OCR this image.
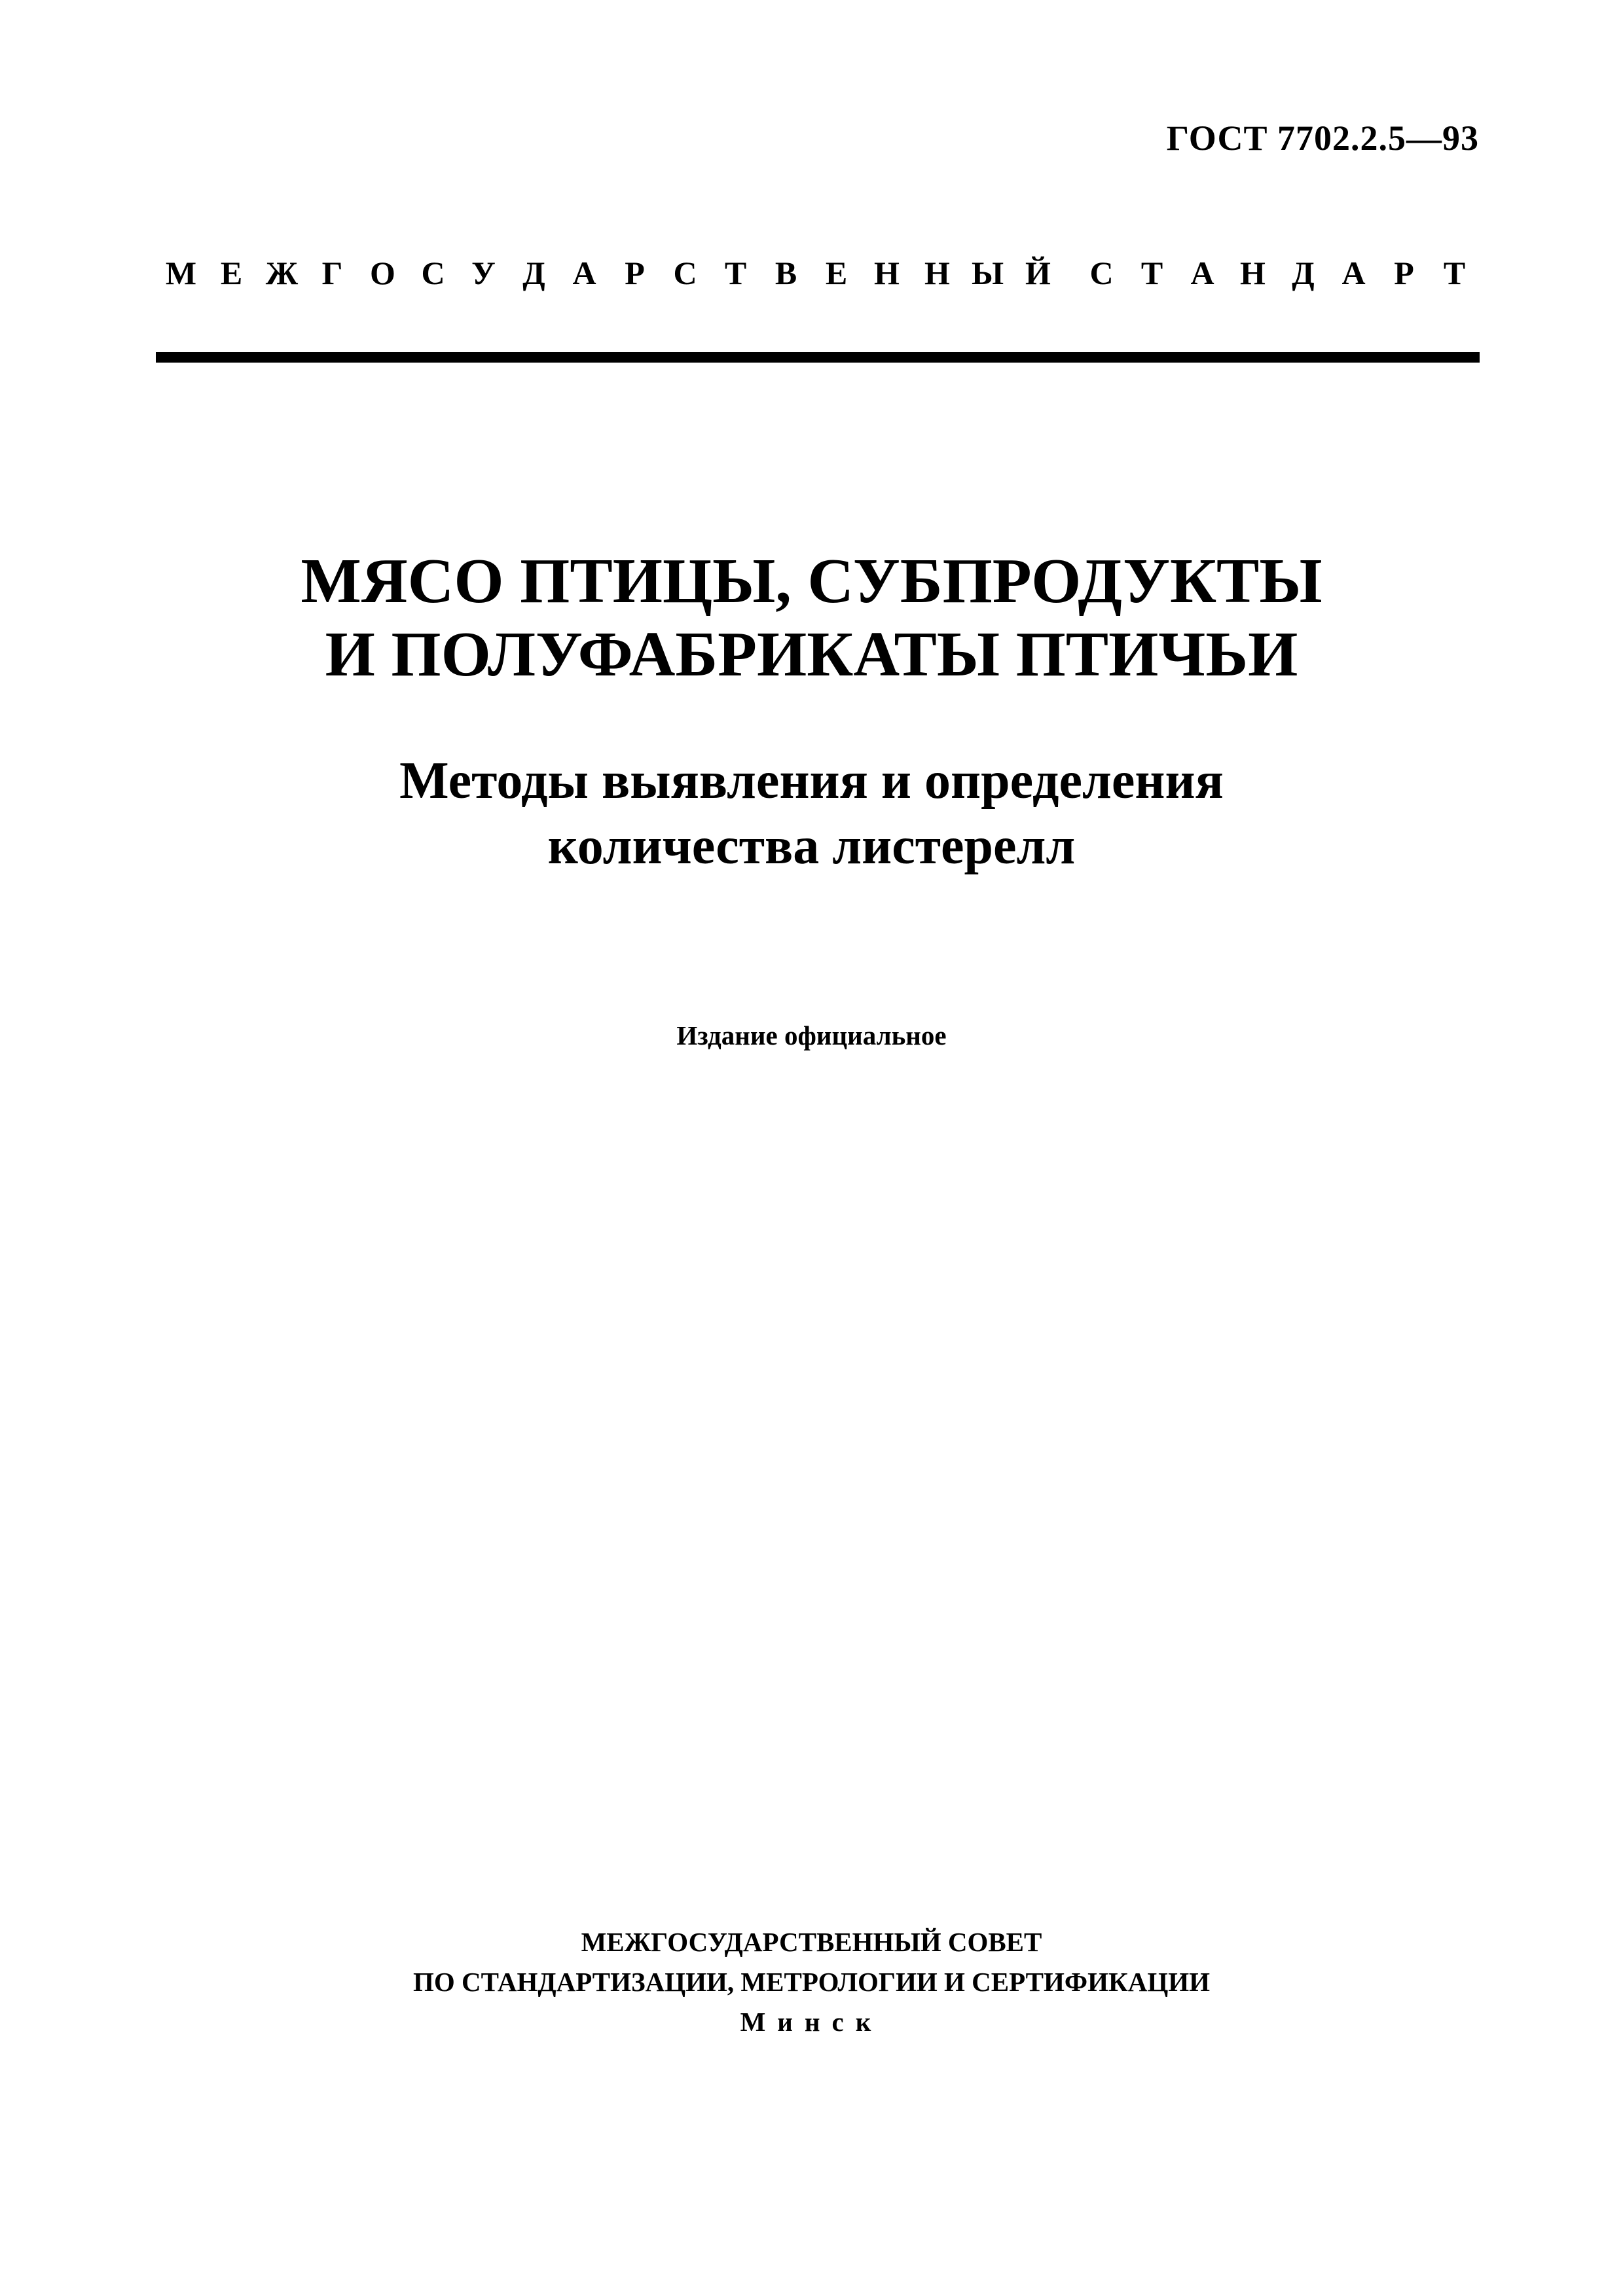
ГОСТ 7702.2.5—93
М Е Ж Г О С У Д А Р С Т В Е Н Н Ы Й	С Т А Н Д А Р Т
МЯСО ПТИЦЫ, СУБПРОДУКТЫ
И ПОЛУФАБРИКАТЫ ПТИЧЬИ
Методы выявления и определения
количества листерелл
Издание официальное
МЕЖГОСУДАРСТВЕННЫЙ СОВЕТ
ПО СТАНДАРТИЗАЦИИ, МЕТРОЛОГИИ И СЕРТИФИКАЦИИ
Минск
